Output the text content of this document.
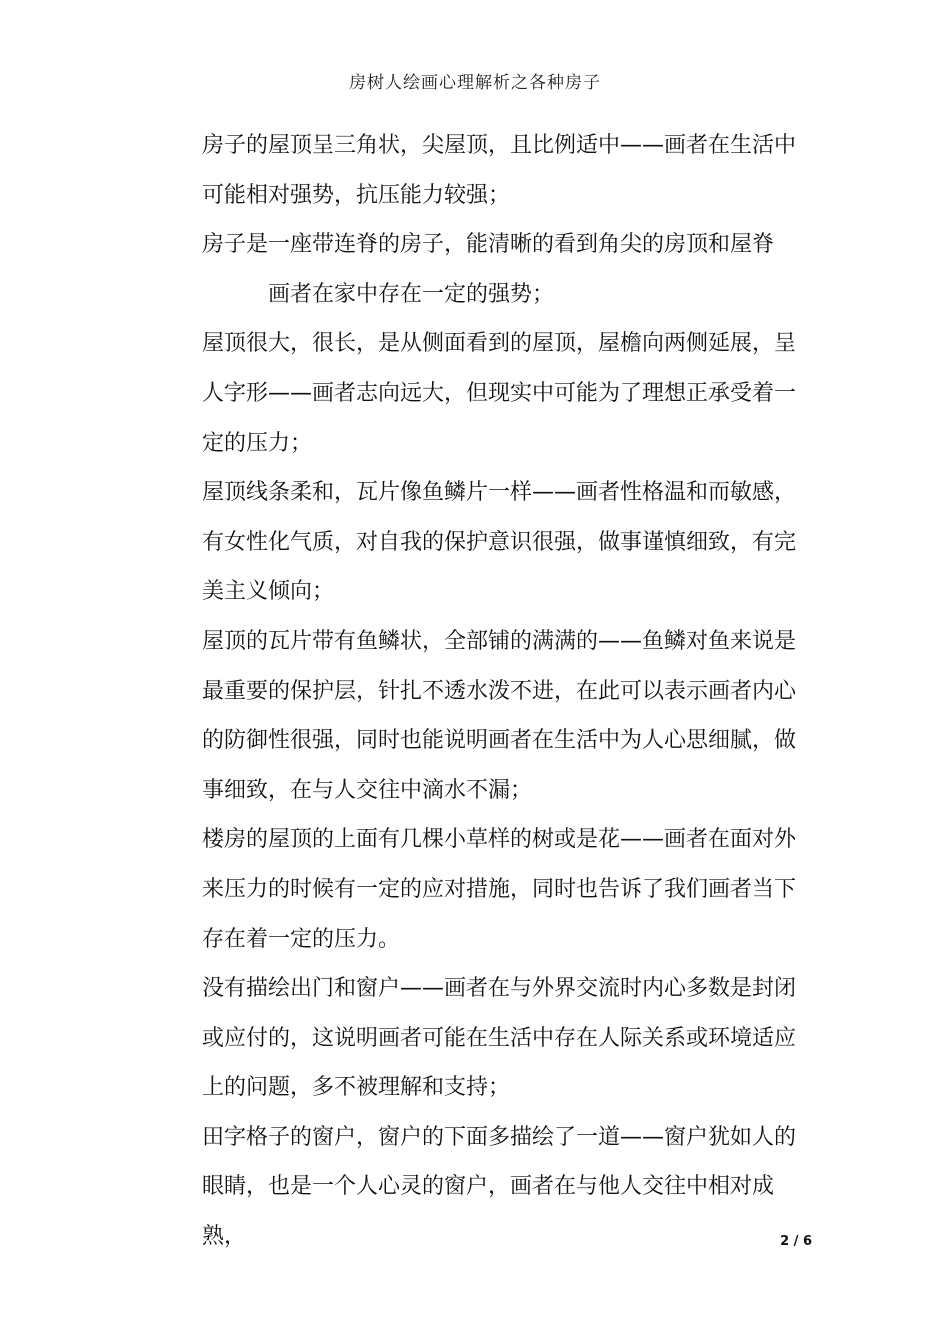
房树人绘画心理解析之各种房子

房子的屋顶呈三角状，尖屋顶，且比例适中——画者在生活中可能相对强势，抗压能力较强；

房子是一座带连脊的房子，能清晰的看到角尖的房顶和屋脊

画者在家中存在一定的强势；

屋顶很大，很长，是从侧面看到的屋顶，屋檐向两侧延展，呈人字形——画者志向远大，但现实中可能为了理想正承受着一定的压力；

屋顶线条柔和，瓦片像鱼鳞片一样——画者性格温和而敏感，有女性化气质，对自我的保护意识很强，做事谨慎细致，有完美主义倾向；

屋顶的瓦片带有鱼鳞状，全部铺的满满的——鱼鳞对鱼来说是最重要的保护层，针扎不透水泼不进，在此可以表示画者内心的防御性很强，同时也能说明画者在生活中为人心思细腻，做事细致，在与人交往中滴水不漏；

楼房的屋顶的上面有几棵小草样的树或是花——画者在面对外来压力的时候有一定的应对措施，同时也告诉了我们画者当下存在着一定的压力。

没有描绘出门和窗户——画者在与外界交流时内心多数是封闭或应付的，这说明画者可能在生活中存在人际关系或环境适应上的问题，多不被理解和支持；

田字格子的窗户，窗户的下面多描绘了一道——窗户犹如人的眼睛，也是一个人心灵的窗户，画者在与他人交往中相对成熟，	2 / 6
